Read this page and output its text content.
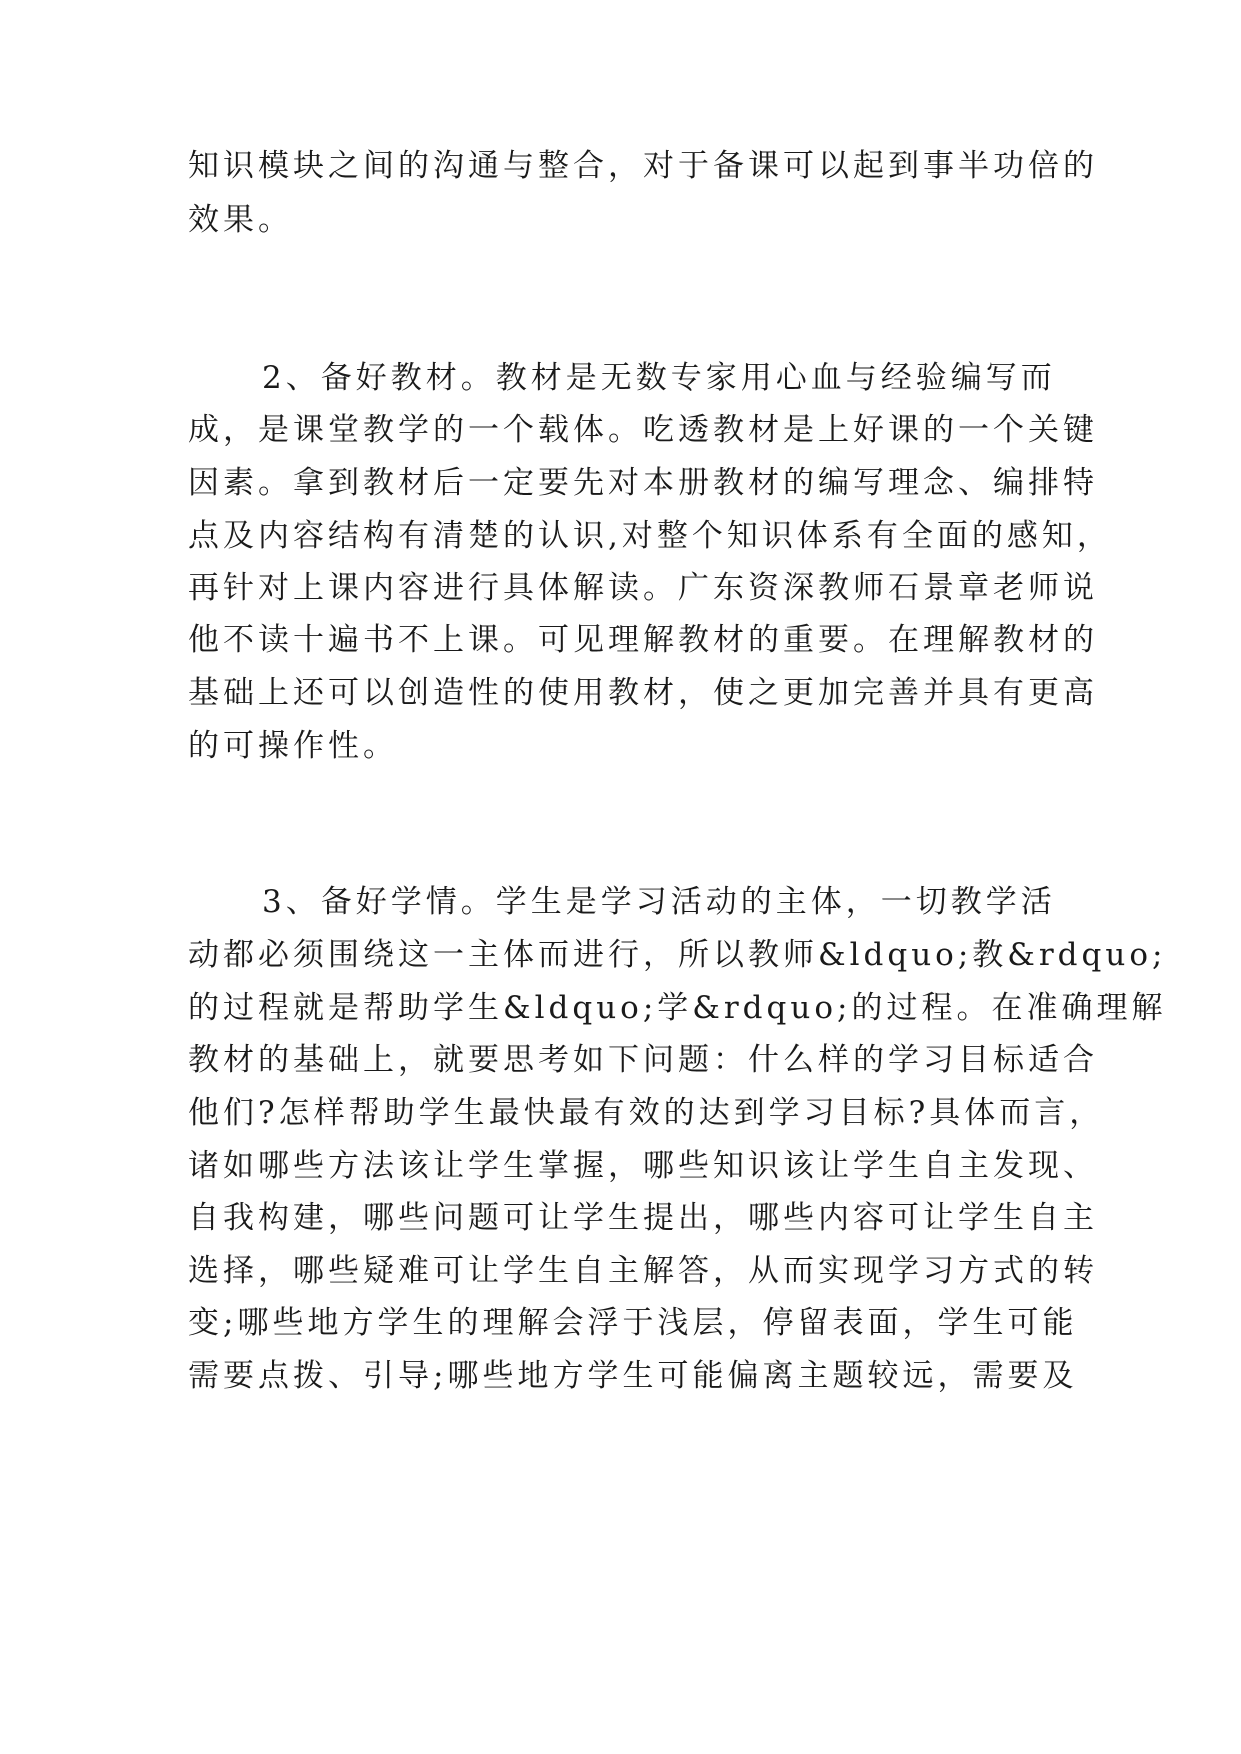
知识模块之间的沟通与整合，对于备课可以起到事半功倍的
效果。
2、备好教材。教材是无数专家用心血与经验编写而
成，是课堂教学的一个载体。吃透教材是上好课的一个关键
因素。拿到教材后一定要先对本册教材的编写理念、编排特
点及内容结构有清楚的认识,对整个知识体系有全面的感知，
再针对上课内容进行具体解读。广东资深教师石景章老师说
他不读十遍书不上课。可见理解教材的重要。在理解教材的
基础上还可以创造性的使用教材，使之更加完善并具有更高
的可操作性。
3、备好学情。学生是学习活动的主体，一切教学活
动都必须围绕这一主体而进行，所以教师&ldquo;教&rdquo;
的过程就是帮助学生&ldquo;学&rdquo;的过程。在准确理解
教材的基础上，就要思考如下问题：什么样的学习目标适合
他们?怎样帮助学生最快最有效的达到学习目标?具体而言，
诸如哪些方法该让学生掌握，哪些知识该让学生自主发现、
自我构建，哪些问题可让学生提出，哪些内容可让学生自主
选择，哪些疑难可让学生自主解答，从而实现学习方式的转
变;哪些地方学生的理解会浮于浅层，停留表面，学生可能
需要点拨、引导;哪些地方学生可能偏离主题较远，需要及
